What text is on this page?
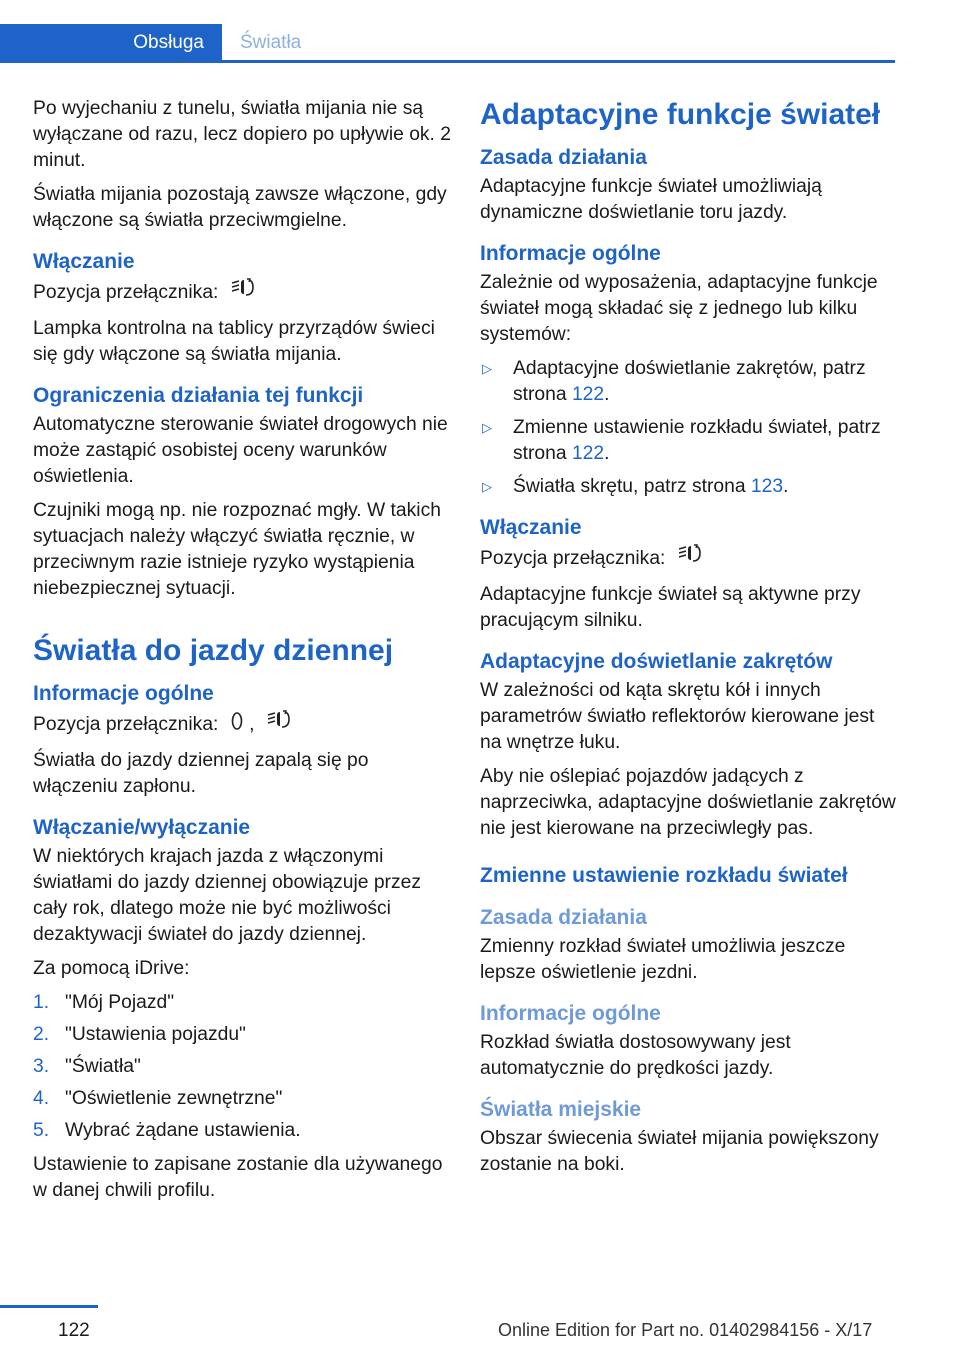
Obsługa	Światła

Po wyjechaniu z tunelu, światła mijania nie są wyłączane od razu, lecz dopiero po upływie ok. 2 minut.

Światła mijania pozostają zawsze włączone, gdy włączone są światła przeciwmgielne.

Włączanie

Pozycja przełącznika:

Lampka kontrolna na tablicy przyrządów świeci się gdy włączone są światła mijania.

Ograniczenia działania tej funkcji

Automatyczne sterowanie świateł drogowych nie może zastąpić osobistej oceny warunków oświetlenia.

Czujniki mogą np. nie rozpoznać mgły. W takich sytuacjach należy włączyć światła ręcznie, w przeciwnym razie istnieje ryzyko wystąpienia niebezpiecznej sytuacji.

Światła do jazdy dziennej
Informacje ogólne

Pozycja przełącznika: ,

Światła do jazdy dziennej zapalą się po włączeniu zapłonu.

Włączanie/wyłączanie

W niektórych krajach jazda z włączonymi światłami do jazdy dziennej obowiązuje przez cały rok, dlatego może nie być możliwości dezaktywacji świateł do jazdy dziennej.

Za pomocą iDrive:

1. "Mój Pojazd"
2. "Ustawienia pojazdu"
3. "Światła"
4. "Oświetlenie zewnętrzne"
5. Wybrać żądane ustawienia.

Ustawienie to zapisane zostanie dla używanego w danej chwili profilu.

Adaptacyjne funkcje świateł
Zasada działania

Adaptacyjne funkcje świateł umożliwiają dynamiczne doświetlanie toru jazdy.

Informacje ogólne

Zależnie od wyposażenia, adaptacyjne funkcje świateł mogą składać się z jednego lub kilku systemów:

▷ Adaptacyjne doświetlanie zakrętów, patrz strona 122.
▷ Zmienne ustawienie rozkładu świateł, patrz strona 122.
▷ Światła skrętu, patrz strona 123.
Włączanie

Pozycja przełącznika:

Adaptacyjne funkcje świateł są aktywne przy pracującym silniku.

Adaptacyjne doświetlanie zakrętów

W zależności od kąta skrętu kół i innych parametrów światło reflektorów kierowane jest na wnętrze łuku.

Aby nie oślepiać pojazdów jadących z naprzeciwka, adaptacyjne doświetlanie zakrętów nie jest kierowane na przeciwległy pas.

Zmienne ustawienie rozkładu świateł
Zasada działania

Zmienny rozkład świateł umożliwia jeszcze lepsze oświetlenie jezdni.

Informacje ogólne

Rozkład światła dostosowywany jest automatycznie do prędkości jazdy.

Światła miejskie

Obszar świecenia świateł mijania powiększony zostanie na boki.

122	Online Edition for Part no. 01402984156 - X/17
